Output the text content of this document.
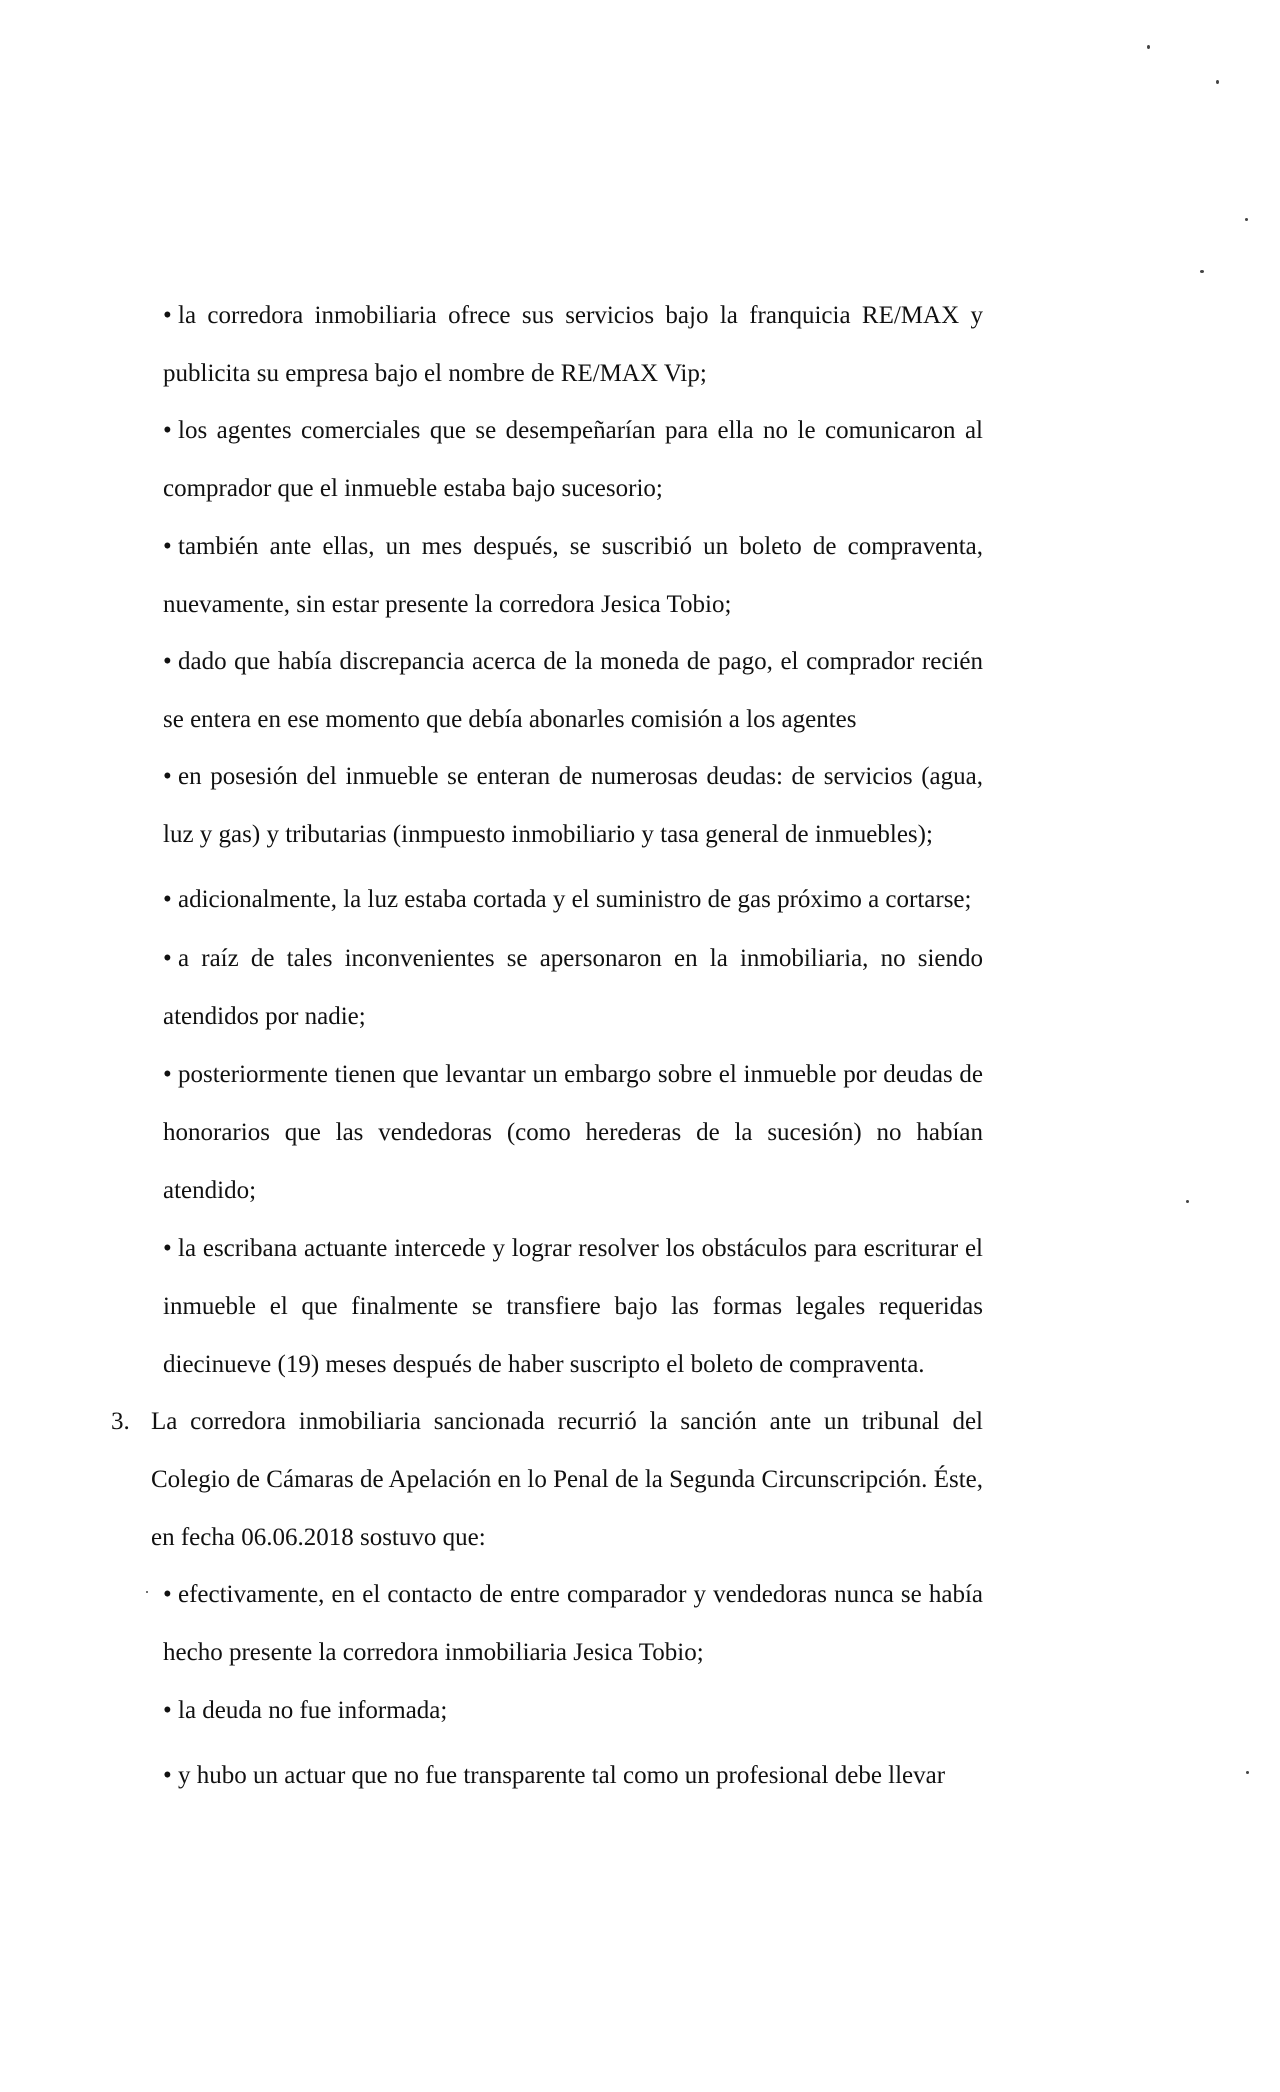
• la corredora inmobiliaria ofrece sus servicios bajo la franquicia RE/MAX y publicita su empresa bajo el nombre de RE/MAX Vip;

• los agentes comerciales que se desempeñarían para ella no le comunicaron al comprador que el inmueble estaba bajo sucesorio;

• también ante ellas, un mes después, se suscribió un boleto de compraventa, nuevamente, sin estar presente la corredora Jesica Tobio;

• dado que había discrepancia acerca de la moneda de pago, el comprador recién se entera en ese momento que debía abonarles comisión a los agentes

• en posesión del inmueble se enteran de numerosas deudas: de servicios (agua, luz y gas) y tributarias (inmpuesto inmobiliario y tasa general de inmuebles);

• adicionalmente, la luz estaba cortada y el suministro de gas próximo a cortarse;

• a raíz de tales inconvenientes se apersonaron en la inmobiliaria, no siendo atendidos por nadie;

• posteriormente tienen que levantar un embargo sobre el inmueble por deudas de honorarios que las vendedoras (como herederas de la sucesión) no habían atendido;

• la escribana actuante intercede y lograr resolver los obstáculos para escriturar el inmueble el que finalmente se transfiere bajo las formas legales requeridas diecinueve (19) meses después de haber suscripto el boleto de compraventa.

3. La corredora inmobiliaria sancionada recurrió la sanción ante un tribunal del Colegio de Cámaras de Apelación en lo Penal de la Segunda Circunscripción. Éste, en fecha 06.06.2018 sostuvo que:

• efectivamente, en el contacto de entre comparador y vendedoras nunca se había hecho presente la corredora inmobiliaria Jesica Tobio;

• la deuda no fue informada;

• y hubo un actuar que no fue transparente tal como un profesional debe llevar
